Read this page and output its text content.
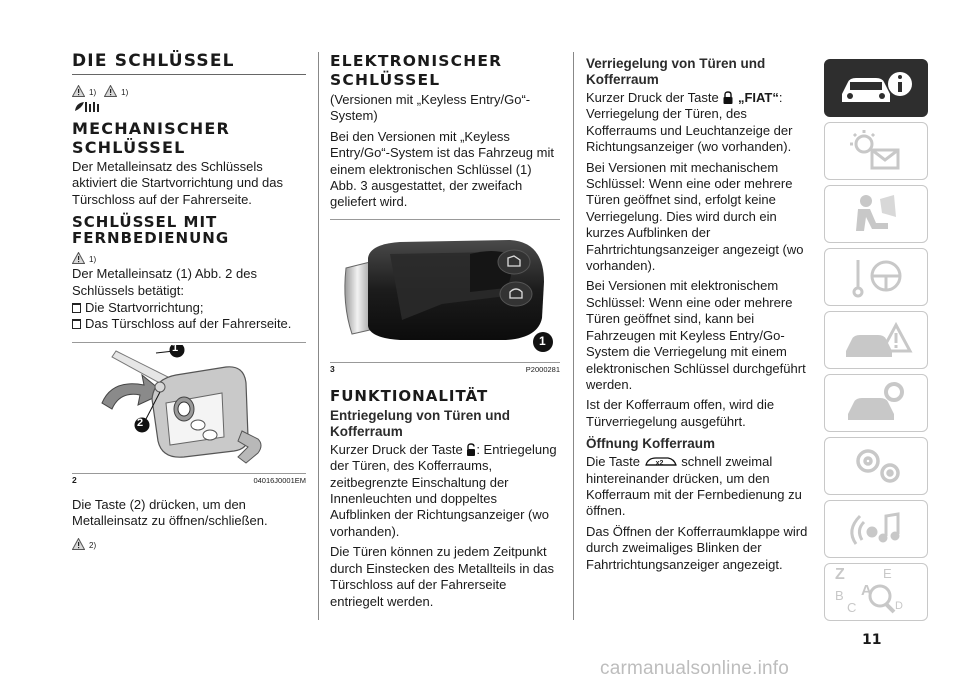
DIE SCHLÜSSEL
1)	1)
MECHANISCHER SCHLÜSSEL

Der Metalleinsatz des Schlüssels aktiviert die Startvorrichtung und das Türschloss auf der Fahrerseite.

SCHLÜSSEL MIT FERNBEDIENUNG
1)

Der Metalleinsatz (1) Abb. 2 des Schlüssels betätigt:

Die Startvorrichtung;
Das Türschloss auf der Fahrerseite.
1
2
2	04016J0001EM

Die Taste (2) drücken, um den Metalleinsatz zu öffnen/schließen.

2)
ELEKTRONISCHER SCHLÜSSEL

(Versionen mit „Keyless Entry/Go“-System)

Bei den Versionen mit „Keyless Entry/Go“-System ist das Fahrzeug mit einem elektronischen Schlüssel (1) Abb. 3 ausgestattet, der zweifach geliefert wird.

1
3	P2000281
FUNKTIONALITÄT
Entriegelung von Türen und Kofferraum

Kurzer Druck der Taste : Entriegelung der Türen, des Kofferraums, zeitbegrenzte Einschaltung der Innenleuchten und doppeltes Aufblinken der Richtungsanzeiger (wo vorhanden).

Die Türen können zu jedem Zeitpunkt durch Einstecken des Metallteils in das Türschloss auf der Fahrerseite entriegelt werden.

Verriegelung von Türen und Kofferraum

Kurzer Druck der Taste „FIAT“: Verriegelung der Türen, des Kofferraums und Leuchtanzeige der Richtungsanzeiger (wo vorhanden).

Bei Versionen mit mechanischem Schlüssel: Wenn eine oder mehrere Türen geöffnet sind, erfolgt keine Verriegelung. Dies wird durch ein kurzes Aufblinken der Fahrtrichtungsanzeiger angezeigt (wo vorhanden).

Bei Versionen mit elektronischem Schlüssel: Wenn eine oder mehrere Türen geöffnet sind, kann bei Fahrzeugen mit Keyless Entry/Go-System die Verriegelung mit einem elektronischen Schlüssel durchgeführt werden.

Ist der Kofferraum offen, wird die Türverriegelung ausgeführt.

Öffnung Kofferraum

Die Taste x2 schnell zweimal hintereinander drücken, um den Kofferraum mit der Fernbedienung zu öffnen.

Das Öffnen der Kofferraumklappe wird durch zweimaliges Blinken der Fahrtrichtungsanzeiger angezeigt.

Z	E
B A
C	D
11
carmanualsonline.info
